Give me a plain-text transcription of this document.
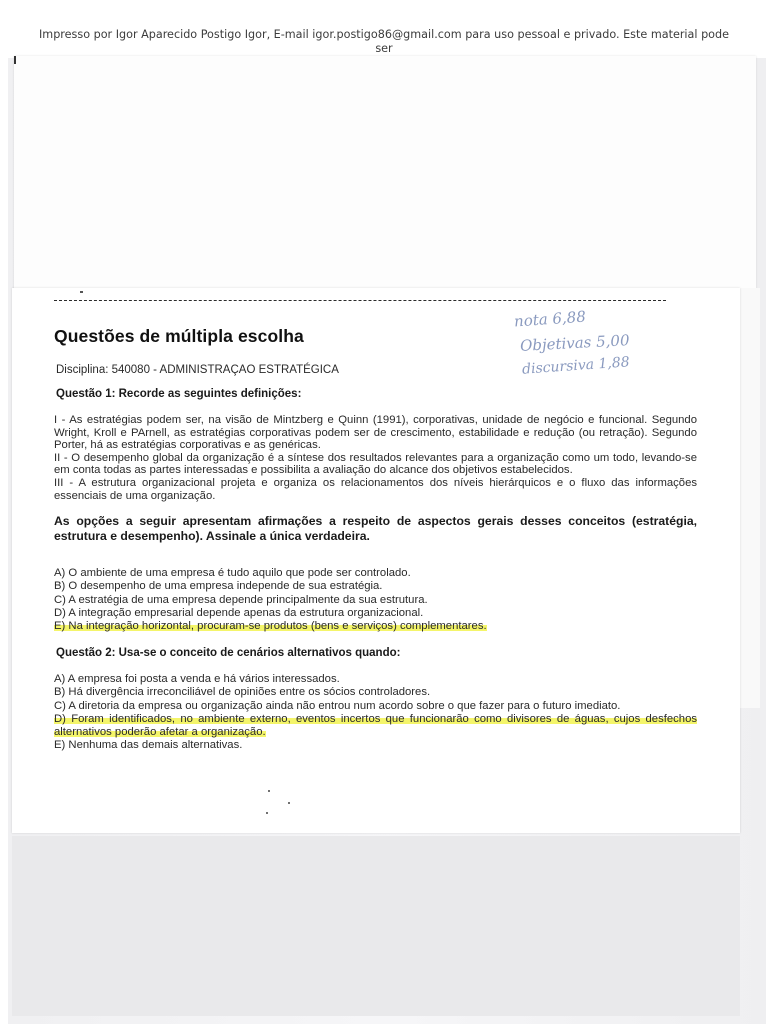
Impresso por Igor Aparecido Postigo Igor, E-mail igor.postigo86@gmail.com para uso pessoal e privado. Este material pode ser
nota 6,88
Objetivas 5,00
discursiva 1,88
Questões de múltipla escolha
Disciplina: 540080 - ADMINISTRAÇAO ESTRATÉGICA
Questão 1: Recorde as seguintes definições:

I - As estratégias podem ser, na visão de Mintzberg e Quinn (1991), corporativas, unidade de negócio e funcional. Segundo Wright, Kroll e PArnell, as estratégias corporativas podem ser de crescimento, estabilidade e redução (ou retração). Segundo Porter, há as estratégias corporativas e as genéricas.

II - O desempenho global da organização é a síntese dos resultados relevantes para a organização como um todo, levando-se em conta todas as partes interessadas e possibilita a avaliação do alcance dos objetivos estabelecidos.

III - A estrutura organizacional projeta e organiza os relacionamentos dos níveis hierárquicos e o fluxo das informações essenciais de uma organização.

As opções a seguir apresentam afirmações a respeito de aspectos gerais desses conceitos (estratégia, estrutura e desempenho). Assinale a única verdadeira.

A) O ambiente de uma empresa é tudo aquilo que pode ser controlado.

B) O desempenho de uma empresa independe de sua estratégia.

C) A estratégia de uma empresa depende principalmente da sua estrutura.

D) A integração empresarial depende apenas da estrutura organizacional.

E) Na integração horizontal, procuram-se produtos (bens e serviços) complementares.

Questão 2: Usa-se o conceito de cenários alternativos quando:

A) A empresa foi posta a venda e há vários interessados.

B) Há divergência irreconciliável de opiniões entre os sócios controladores.

C) A diretoria da empresa ou organização ainda não entrou num acordo sobre o que fazer para o futuro imediato.

D) Foram identificados, no ambiente externo, eventos incertos que funcionarão como divisores de águas, cujos desfechos alternativos poderão afetar a organização.

E) Nenhuma das demais alternativas.
